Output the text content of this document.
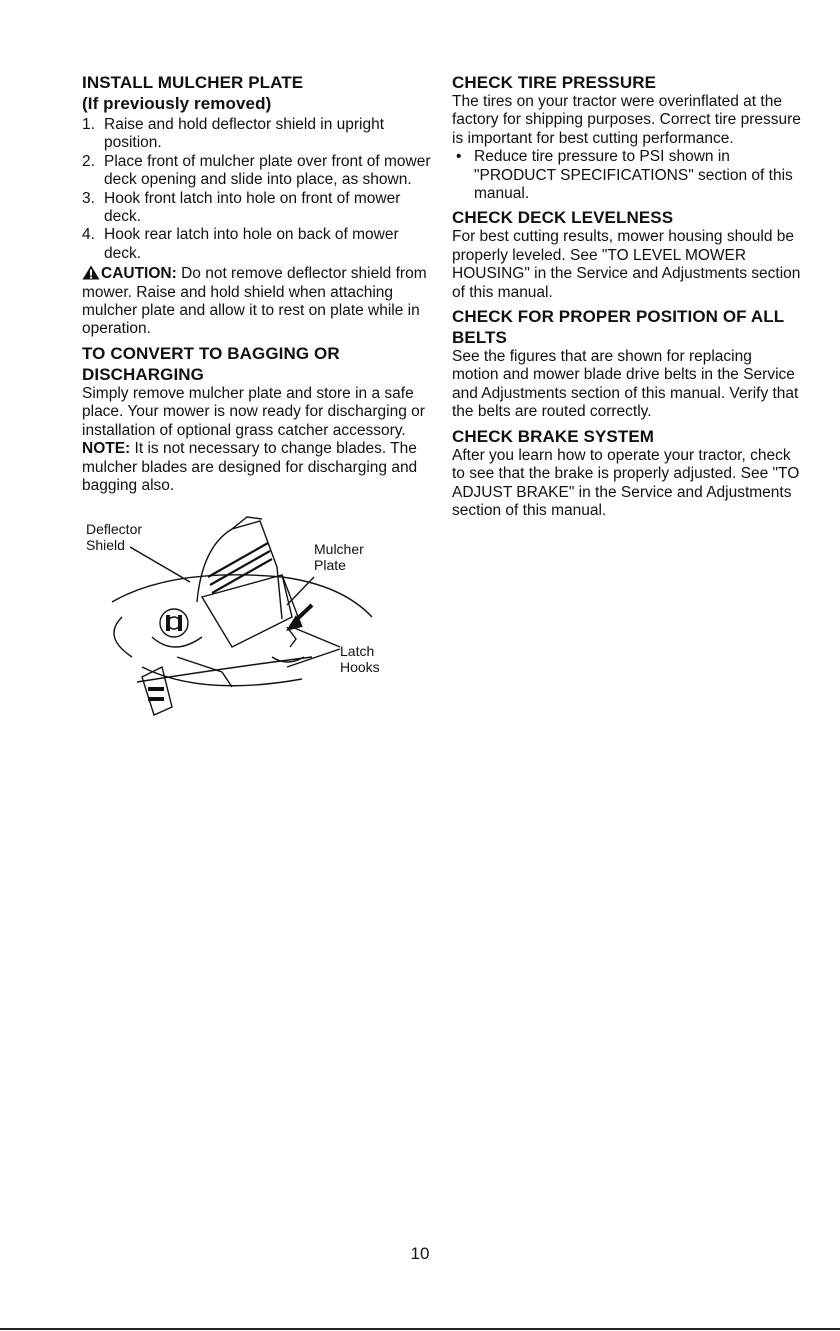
INSTALL MULCHER PLATE
(If previously removed)
1. Raise and hold deflector shield in upright position.
2. Place front of mulcher plate over front of mower deck opening and slide into place, as shown.
3. Hook front latch into hole on front of mower deck.
4. Hook rear latch into hole on back of mower deck.

CAUTION: Do not remove deflector shield from mower. Raise and hold shield when attaching mulcher plate and allow it to rest on plate while in operation.

TO CONVERT TO BAGGING OR DISCHARGING

Simply remove mulcher plate and store in a safe place. Your mower is now ready for discharging or installation of optional grass catcher accessory.

NOTE: It is not necessary to change blades. The mulcher blades are designed for discharging and bagging also.

Deflector
Shield	Mulcher
Plate
Latch
Hooks
CHECK TIRE PRESSURE

The tires on your tractor were overinflated at the factory for shipping purposes. Correct tire pressure is important for best cutting performance.

• Reduce tire pressure to PSI shown in "PRODUCT SPECIFICATIONS" section of this manual.
CHECK DECK LEVELNESS

For best cutting results, mower housing should be properly leveled. See "TO LEVEL MOWER HOUSING" in the Service and Adjustments section of this manual.

CHECK FOR PROPER POSITION OF ALL BELTS

See the figures that are shown for replacing motion and mower blade drive belts in the Service and Adjustments section of this manual. Verify that the belts are routed correctly.

CHECK BRAKE SYSTEM

After you learn how to operate your tractor, check to see that the brake is properly adjusted. See "TO ADJUST BRAKE" in the Service and Adjustments section of this manual.

10
